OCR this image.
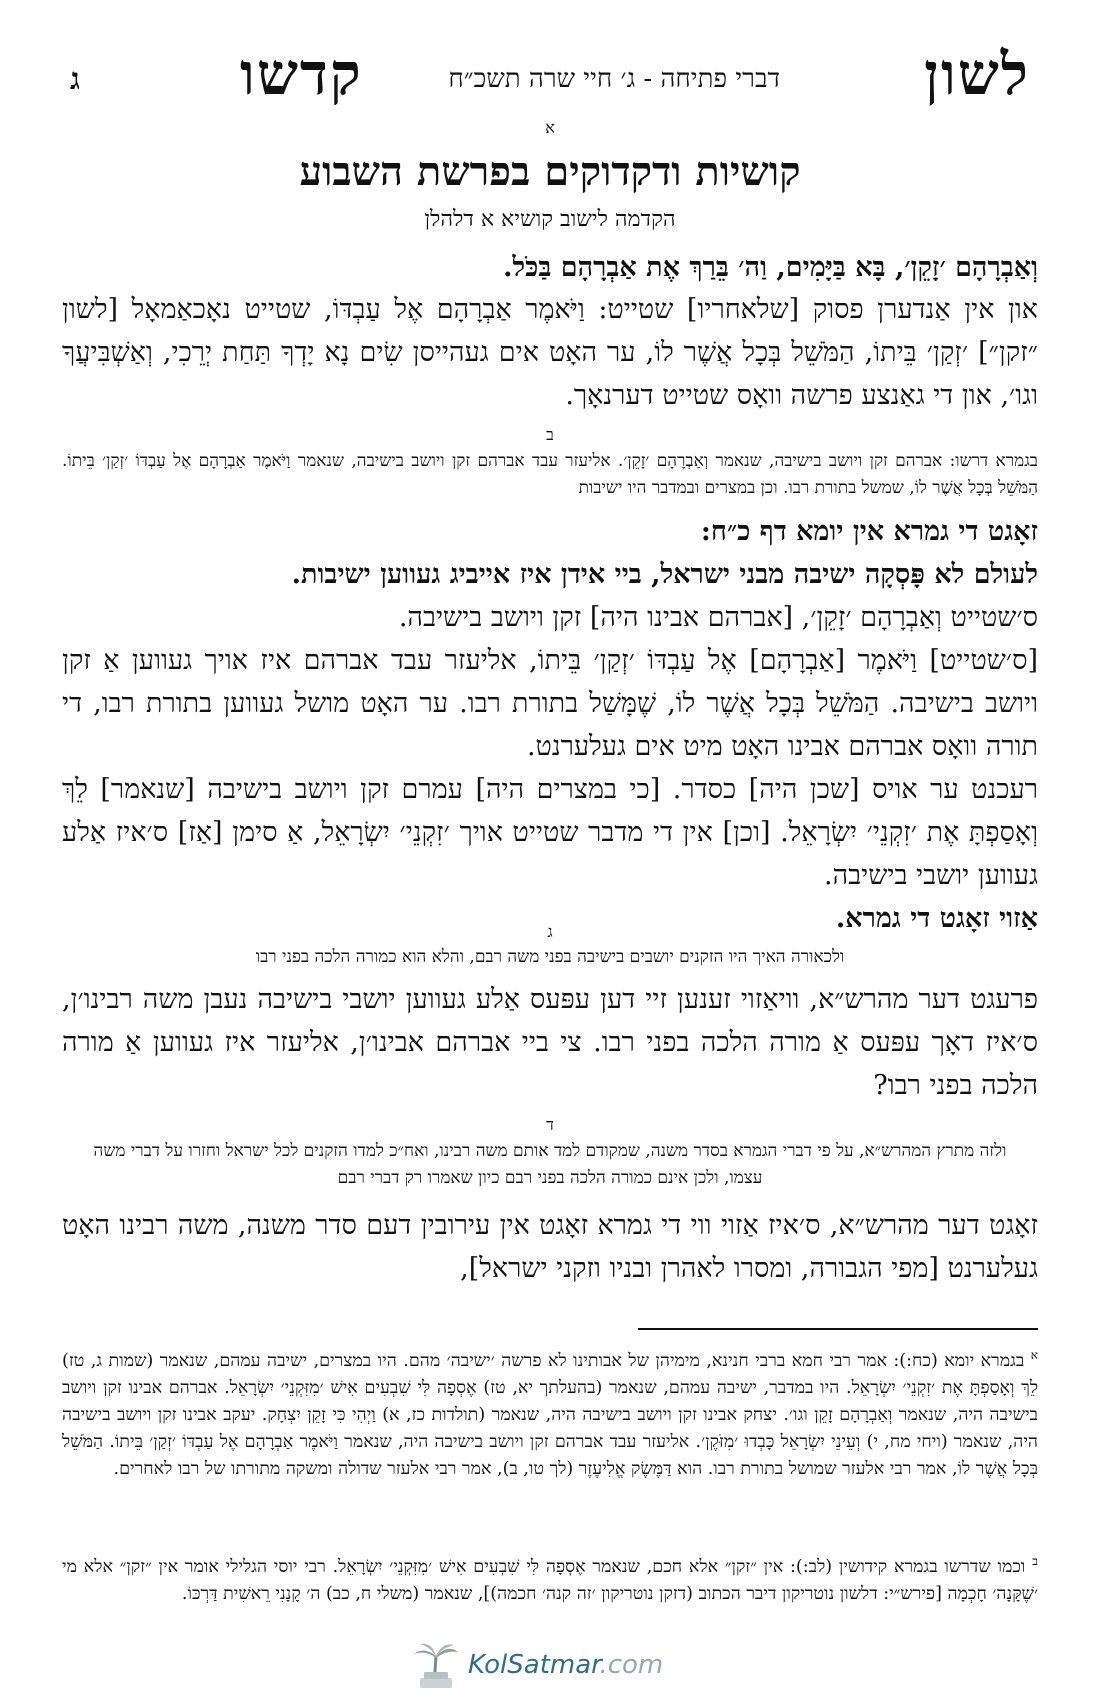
לשון
דברי פתיחה - ג׳ חיי שרה תשכ״ח
קדשו
ג

א

קושיות ודקדוקים בפרשת השבוע
הקדמה לישוב קושיא א דלהלן
וְאַבְרָהָם ׳זָקֵן׳, בָּא בַּיָּמִים, וַה׳ בֵּרַךְ אֶת אַבְרָהָם בַּכֹּל.
און אין אַנדערן פסוק [שלאחריו] שטייט: וַיֹּאמֶר אַבְרָהָם אֶל עַבְדּוֹ, שטייט נאָכאַמאָל [לשון ״זקן״] ׳זְקַן׳ בֵּיתוֹ, הַמֹּשֵׁל בְּכָל אֲשֶׁר לוֹ, ער האָט אים געהייסן שִׂים נָא יָדְךָ תַּחַת יְרֵכִי, וְאַשְׁבִּיעֲךָ וגו׳, און די גאַנצע פרשה וואָס שטייט דערנאָך.

ב

בגמרא דרשו: אברהם זקן ויושב בישיבה, שנאמר וְאַבְרָהָם ׳זָקֵן׳. אליעזר עבד אברהם זקן ויושב בישיבה, שנאמר וַיֹּאמֶר אַבְרָהָם אֶל עַבְדּוֹ ׳זְקַן׳ בֵּיתוֹ. הַמֹּשֵׁל בְּכָל אֲשֶׁר לוֹ, שמשל בתורת רבו. וכן במצרים ובמדבר היו ישיבות
זאָגט די גמרא אין יומא דף כ״ח:
לעולם לא פָּסְקָה ישיבה מבני ישראל, ביי אידן איז אייביג געווען ישיבות.
ס׳שטייט וְאַבְרָהָם ׳זָקֵן׳, [אברהם אבינו היה] זקן ויושב בישיבה.
[ס׳שטייט] וַיֹּאמֶר [אַבְרָהָם] אֶל עַבְדּוֹ ׳זְקַן׳ בֵּיתוֹ, אליעזר עבד אברהם איז אויך געווען אַ זקן ויושב בישיבה. הַמֹּשֵׁל בְּכָל אֲשֶׁר לוֹ, שֶׁמָּשַׁל בתורת רבו. ער האָט מושל געווען בתורת רבו, די תורה וואָס אברהם אבינו האָט מיט אים געלערנט.
רעכנט ער אויס [שכן היה] כסדר. [כי במצרים היה] עמרם זקן ויושב בישיבה [שנאמר] לֵךְ וְאָסַפְתָּ אֶת ׳זִקְנֵי׳ יִשְׂרָאֵל. [וכן] אין די מדבר שטייט אויך ׳זִקְנֵי׳ יִשְׂרָאֵל, אַ סימן [אַז] ס׳איז אַלע געווען יושבי בישיבה.
אַזוי זאָגט די גמרא.

ג

ולכאורה האיך היו הזקנים יושבים בישיבה בפני משה רבם, והלא הוא כמורה הלכה בפני רבו
פרעגט דער מהרש״א, וויאַזוי זענען זיי דען עפּעס אַלע געווען יושבי בישיבה נעבן משה רבינו׳ן, ס׳איז דאָך עפּעס אַ מורה הלכה בפני רבו. צי ביי אברהם אבינו׳ן, אליעזר איז געווען אַ מורה הלכה בפני רבו?

ד

ולזה מתרץ המהרש״א, על פי דברי הגמרא בסדר משנה, שמקודם למד אותם משה רבינו, ואח״כ למדו הזקנים לכל ישראל וחזרו על דברי משה עצמו, ולכן אינם כמורה הלכה בפני רבם כיון שאמרו רק דברי רבם
זאָגט דער מהרש״א, ס׳איז אַזוי ווי די גמרא זאָגט אין עירובין דעם סדר משנה, משה רבינו האָט געלערנט [מפי הגבורה, ומסרו לאהרן ובניו וזקני ישראל],
$^א$ בגמרא יומא (כח:): אמר רבי חמא ברבי חנינא, מימיהן של אבותינו לא פרשה ׳ישיבה׳ מהם. היו במצרים, ישיבה עמהם, שנאמר (שמות ג, טז) לֵךְ וְאָסַפְתָּ אֶת ׳זִקְנֵי׳ יִשְׂרָאֵל. היו במדבר, ישיבה עמהם, שנאמר (בהעלתך יא, טז) אֶסְפָה לִּי שִׁבְעִים אִישׁ ׳מִזִּקְנֵי׳ יִשְׂרָאֵל. אברהם אבינו זקן ויושב בישיבה היה, שנאמר וְאַבְרָהָם זָקֵן וגו׳. יצחק אבינו זקן ויושב בישיבה היה, שנאמר (תולדות כז, א) וַיְהִי כִּי זָקֵן יִצְחָק. יעקב אבינו זקן ויושב בישיבה היה, שנאמר (ויחי מח, י) וְעֵינֵי יִשְׂרָאֵל כָּבְדוּ ׳מִזֹּקֶן׳. אליעזר עבד אברהם זקן ויושב בישיבה היה, שנאמר וַיֹּאמֶר אַבְרָהָם אֶל עַבְדּוֹ ׳זְקַן׳ בֵּיתוֹ. הַמֹּשֵׁל בְּכָל אֲשֶׁר לוֹ, אמר רבי אלעזר שמושל בתורת רבו. הוא דַּמֶּשֶׂק אֱלִיעֶזֶר (לך טו, ב), אמר רבי אלעזר שדולה ומשקה מתורתו של רבו לאחרים.
$^ב$ וכמו שדרשו בגמרא קידושין (לב:): אין ״זקן״ אלא חכם, שנאמר אֶסְפָה לִּי שִׁבְעִים אִישׁ ׳מִזִּקְנֵי׳ יִשְׂרָאֵל. רבי יוסי הגלילי אומר אין ״זקן״ אלא מי ׳שֶׁקָּנָה׳ חָכְמָה [פירש״י: דלשון נוטריקון דיבר הכתוב (דזקן נוטריקון ׳זה קנה׳ חכמה)], שנאמר (משלי ח, כב) ה׳ קָנָנִי רֵאשִׁית דַּרְכּוֹ.
KolSatmar.com
